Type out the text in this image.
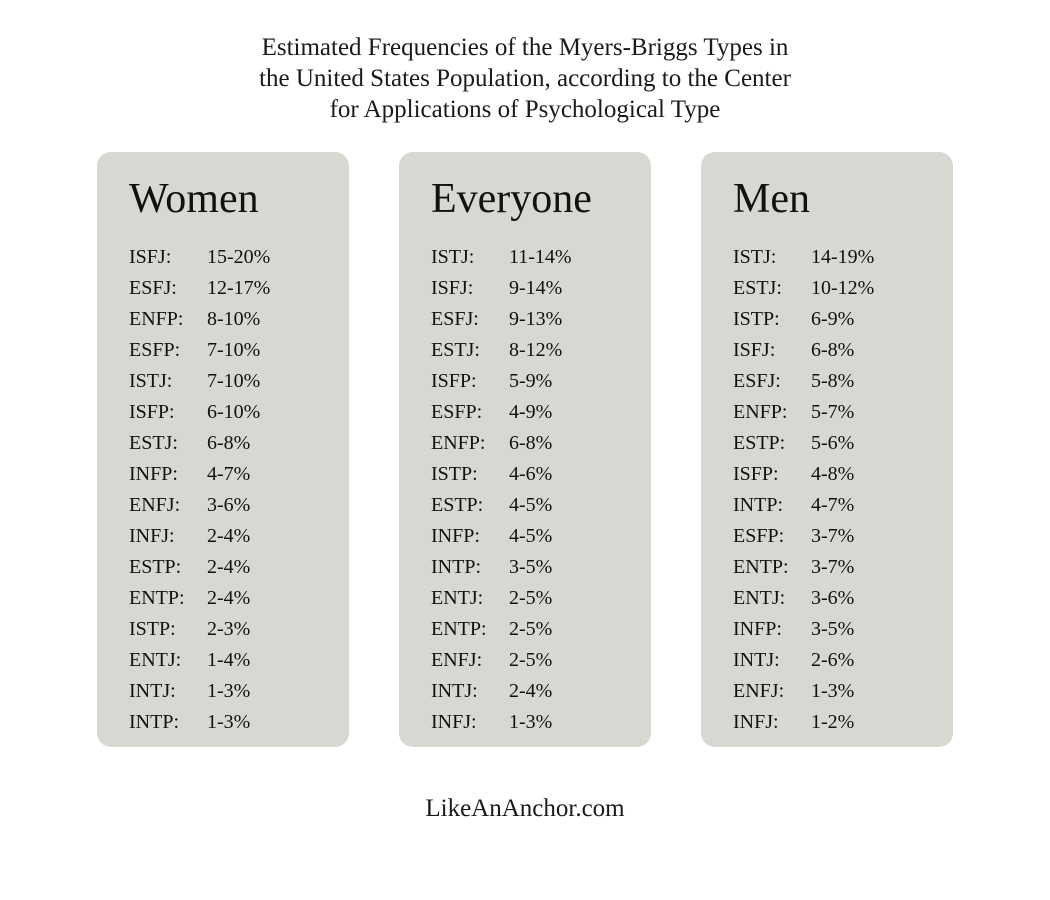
Estimated Frequencies of the Myers-Briggs Types in
the United States Population, according to the Center
for Applications of Psychological Type
Women
ISFJ:	15-20%
ESFJ:	12-17%
ENFP:	8-10%
ESFP:	7-10%
ISTJ:	7-10%
ISFP:	6-10%
ESTJ:	6-8%
INFP:	4-7%
ENFJ:	3-6%
INFJ:	2-4%
ESTP:	2-4%
ENTP:	2-4%
ISTP:	2-3%
ENTJ:	1-4%
INTJ:	1-3%
INTP:	1-3%
Everyone
ISTJ:	11-14%
ISFJ:	9-14%
ESFJ:	9-13%
ESTJ:	8-12%
ISFP:	5-9%
ESFP:	4-9%
ENFP:	6-8%
ISTP:	4-6%
ESTP:	4-5%
INFP:	4-5%
INTP:	3-5%
ENTJ:	2-5%
ENTP:	2-5%
ENFJ:	2-5%
INTJ:	2-4%
INFJ:	1-3%
Men
ISTJ:	14-19%
ESTJ:	10-12%
ISTP:	6-9%
ISFJ:	6-8%
ESFJ:	5-8%
ENFP:	5-7%
ESTP:	5-6%
ISFP:	4-8%
INTP:	4-7%
ESFP:	3-7%
ENTP:	3-7%
ENTJ:	3-6%
INFP:	3-5%
INTJ:	2-6%
ENFJ:	1-3%
INFJ:	1-2%
LikeAnAnchor.com
